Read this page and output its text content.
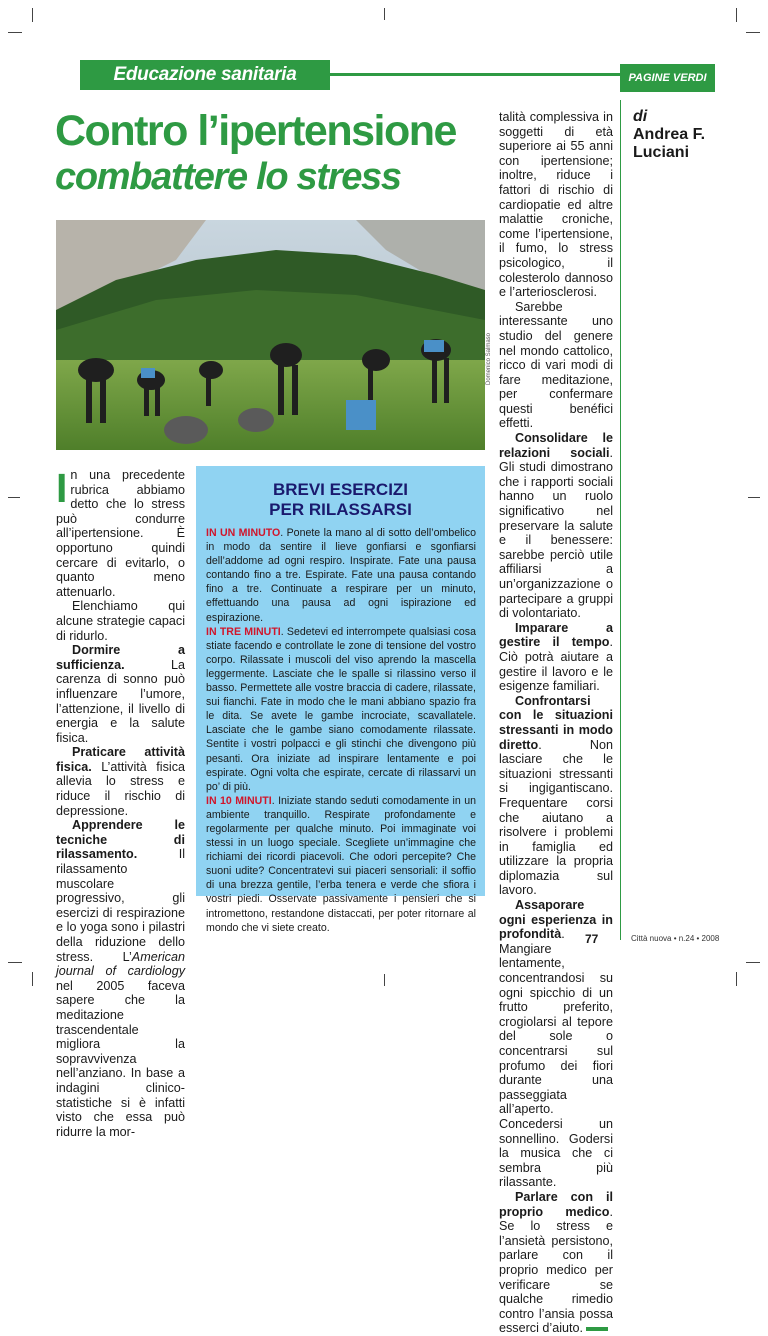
Educazione sanitaria	PAGINE VERDI
Contro l’ipertensione
combattere lo stress
Domenico Salmaso

In una precedente rubrica abbiamo detto che lo stress può condurre all’ipertensione. È opportuno quindi cercare di evitarlo, o quanto meno attenuarlo.

Elenchiamo qui alcune strategie capaci di ridurlo.

Dormire a sufficienza. La carenza di sonno può influenzare l’umore, l’attenzione, il livello di energia e la salute fisica.

Praticare attività fisica. L’attività fisica allevia lo stress e riduce il rischio di depressione.

Apprendere le tecniche di rilassamento. Il rilassamento muscolare progressivo, gli esercizi di respirazione e lo yoga sono i pilastri della riduzione dello stress. L’American journal of cardiology nel 2005 faceva sapere che la meditazione trascendentale migliora la sopravvivenza nell’anziano. In base a indagini clinico-statistiche si è infatti visto che essa può ridurre la mor-

BREVI ESERCIZI
PER RILASSARSI

IN UN MINUTO. Ponete la mano al di sotto dell’ombelico in modo da sentire il lieve gonfiarsi e sgonfiarsi dell’addome ad ogni respiro. Inspirate. Fate una pausa contando fino a tre. Espirate. Fate una pausa contando fino a tre. Continuate a respirare per un minuto, effettuando una pausa ad ogni ispirazione ed espirazione.

IN TRE MINUTI. Sedetevi ed interrompete qualsiasi cosa stiate facendo e controllate le zone di tensione del vostro corpo. Rilassate i muscoli del viso aprendo la mascella leggermente. Lasciate che le spalle si rilassino verso il basso. Permettete alle vostre braccia di cadere, rilassate, sui fianchi. Fate in modo che le mani abbiano spazio fra le dita. Se avete le gambe incrociate, scavallatele. Lasciate che le gambe siano comodamente rilassate. Sentite i vostri polpacci e gli stinchi che divengono più pesanti. Ora iniziate ad inspirare lentamente e poi espirate. Ogni volta che espirate, cercate di rilassarvi un po’ di più.

IN 10 MINUTI. Iniziate stando seduti comodamente in un ambiente tranquillo. Respirate profondamente e regolarmente per qualche minuto. Poi immaginate voi stessi in un luogo speciale. Scegliete un’immagine che richiami dei ricordi piacevoli. Che odori percepite? Che suoni udite? Concentratevi sui piaceri sensoriali: il soffio di una brezza gentile, l’erba tenera e verde che sfiora i vostri piedi. Osservate passivamente i pensieri che si intromettono, restandone distaccati, per poter ritornare al mondo che vi siete creato.

talità complessiva in soggetti di età superiore ai 55 anni con ipertensione; inoltre, riduce i fattori di rischio di cardiopatie ed altre malattie croniche, come l’ipertensione, il fumo, lo stress psicologico, il colesterolo dannoso e l’arteriosclerosi.

Sarebbe interessante uno studio del genere nel mondo cattolico, ricco di vari modi di fare meditazione, per confermare questi benéfici effetti.

Consolidare le relazioni sociali. Gli studi dimostrano che i rapporti sociali hanno un ruolo significativo nel preservare la salute e il benessere: sarebbe perciò utile affiliarsi a un’organizzazione o partecipare a gruppi di volontariato.

Imparare a gestire il tempo. Ciò potrà aiutare a gestire il lavoro e le esigenze familiari.

Confrontarsi con le situazioni stressanti in modo diretto. Non lasciare che le situazioni stressanti si ingigantiscano. Frequentare corsi che aiutano a risolvere i problemi in famiglia ed utilizzare la propria diplomazia sul lavoro.

Assaporare ogni esperienza in profondità. Mangiare lentamente, concentrandosi su ogni spicchio di un frutto preferito, crogiolarsi al tepore del sole o concentrarsi sul profumo dei fiori durante una passeggiata all’aperto. Concedersi un sonnellino. Godersi la musica che ci sembra più rilassante.

Parlare con il proprio medico. Se lo stress e l’ansietà persistono, parlare con il proprio medico per verificare se qualche rimedio contro l’ansia possa esserci d’aiuto.

di
Andrea F. Luciani
77	Città nuova • n.24 • 2008
